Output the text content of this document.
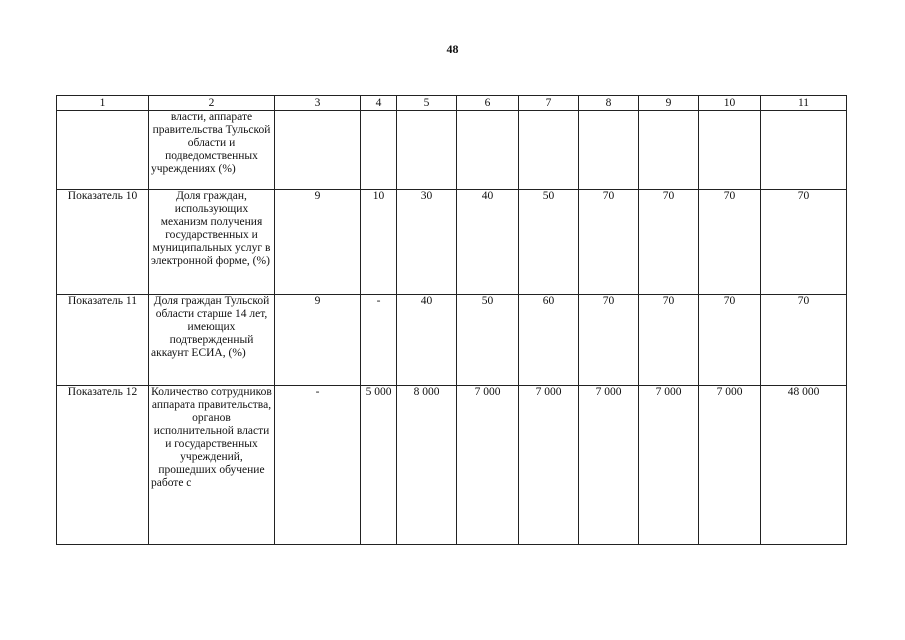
48
1	2	3	4	5	6	7	8	9	10	11
	власти, аппарате правительства Тульской области и подведомственных учреждениях (%)									
Показатель 10	Доля граждан, использующих механизм получения государственных и муниципальных услуг в электронной форме, (%)	9	10	30	40	50	70	70	70	70
Показатель 11	Доля граждан Тульской области старше 14 лет, имеющих подтвержденный аккаунт ЕСИА, (%)	9	-	40	50	60	70	70	70	70
Показатель 12	Количество сотрудников аппарата правительства, органов исполнительной власти и государственных учреждений, прошедших обучение работе с	-	5 000	8 000	7 000	7 000	7 000	7 000	7 000	48 000
